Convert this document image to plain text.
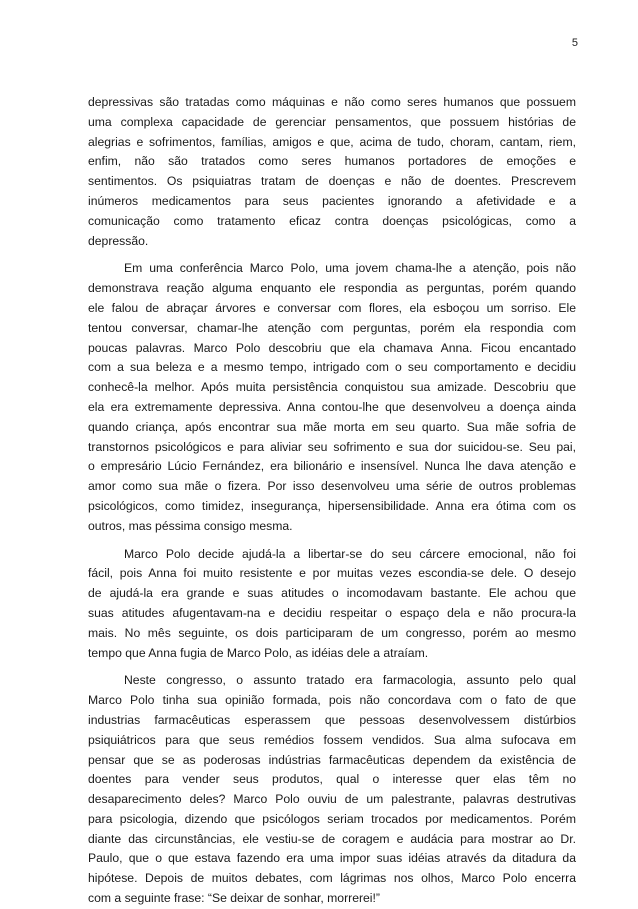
5

depressivas são tratadas como máquinas e não como seres humanos que possuem
uma complexa capacidade de gerenciar pensamentos, que possuem histórias de
alegrias e sofrimentos, famílias, amigos e que, acima de tudo, choram, cantam, riem,
enfim, não são tratados como seres humanos portadores de emoções e
sentimentos. Os psiquiatras tratam de doenças e não de doentes. Prescrevem
inúmeros medicamentos para seus pacientes ignorando a afetividade e a
comunicação como tratamento eficaz contra doenças psicológicas, como a
depressão.

Em uma conferência Marco Polo, uma jovem chama-lhe a atenção, pois não
demonstrava reação alguma enquanto ele respondia as perguntas, porém quando
ele falou de abraçar árvores e conversar com flores, ela esboçou um sorriso. Ele
tentou conversar, chamar-lhe atenção com perguntas, porém ela respondia com
poucas palavras. Marco Polo descobriu que ela chamava Anna. Ficou encantado
com a sua beleza e a mesmo tempo, intrigado com o seu comportamento e decidiu
conhecê-la melhor. Após muita persistência conquistou sua amizade. Descobriu que
ela era extremamente depressiva. Anna contou-lhe que desenvolveu a doença ainda
quando criança, após encontrar sua mãe morta em seu quarto. Sua mãe sofria de
transtornos psicológicos e para aliviar seu sofrimento e sua dor suicidou-se. Seu pai,
o empresário Lúcio Fernández, era bilionário e insensível. Nunca lhe dava atenção e
amor como sua mãe o fizera. Por isso desenvolveu uma série de outros problemas
psicológicos, como timidez, insegurança, hipersensibilidade. Anna era ótima com os
outros, mas péssima consigo mesma.

Marco Polo decide ajudá-la a libertar-se do seu cárcere emocional, não foi
fácil, pois Anna foi muito resistente e por muitas vezes escondia-se dele. O desejo
de ajudá-la era grande e suas atitudes o incomodavam bastante. Ele achou que
suas atitudes afugentavam-na e decidiu respeitar o espaço dela e não procura-la
mais. No mês seguinte, os dois participaram de um congresso, porém ao mesmo
tempo que Anna fugia de Marco Polo, as idéias dele a atraíam.

Neste congresso, o assunto tratado era farmacologia, assunto pelo qual
Marco Polo tinha sua opinião formada, pois não concordava com o fato de que
industrias farmacêuticas esperassem que pessoas desenvolvessem distúrbios
psiquiátricos para que seus remédios fossem vendidos. Sua alma sufocava em
pensar que se as poderosas indústrias farmacêuticas dependem da existência de
doentes para vender seus produtos, qual o interesse quer elas têm no
desaparecimento deles? Marco Polo ouviu de um palestrante, palavras destrutivas
para psicologia, dizendo que psicólogos seriam trocados por medicamentos. Porém
diante das circunstâncias, ele vestiu-se de coragem e audácia para mostrar ao Dr.
Paulo, que o que estava fazendo era uma impor suas idéias através da ditadura da
hipótese. Depois de muitos debates, com lágrimas nos olhos, Marco Polo encerra
com a seguinte frase: “Se deixar de sonhar, morrerei!”
